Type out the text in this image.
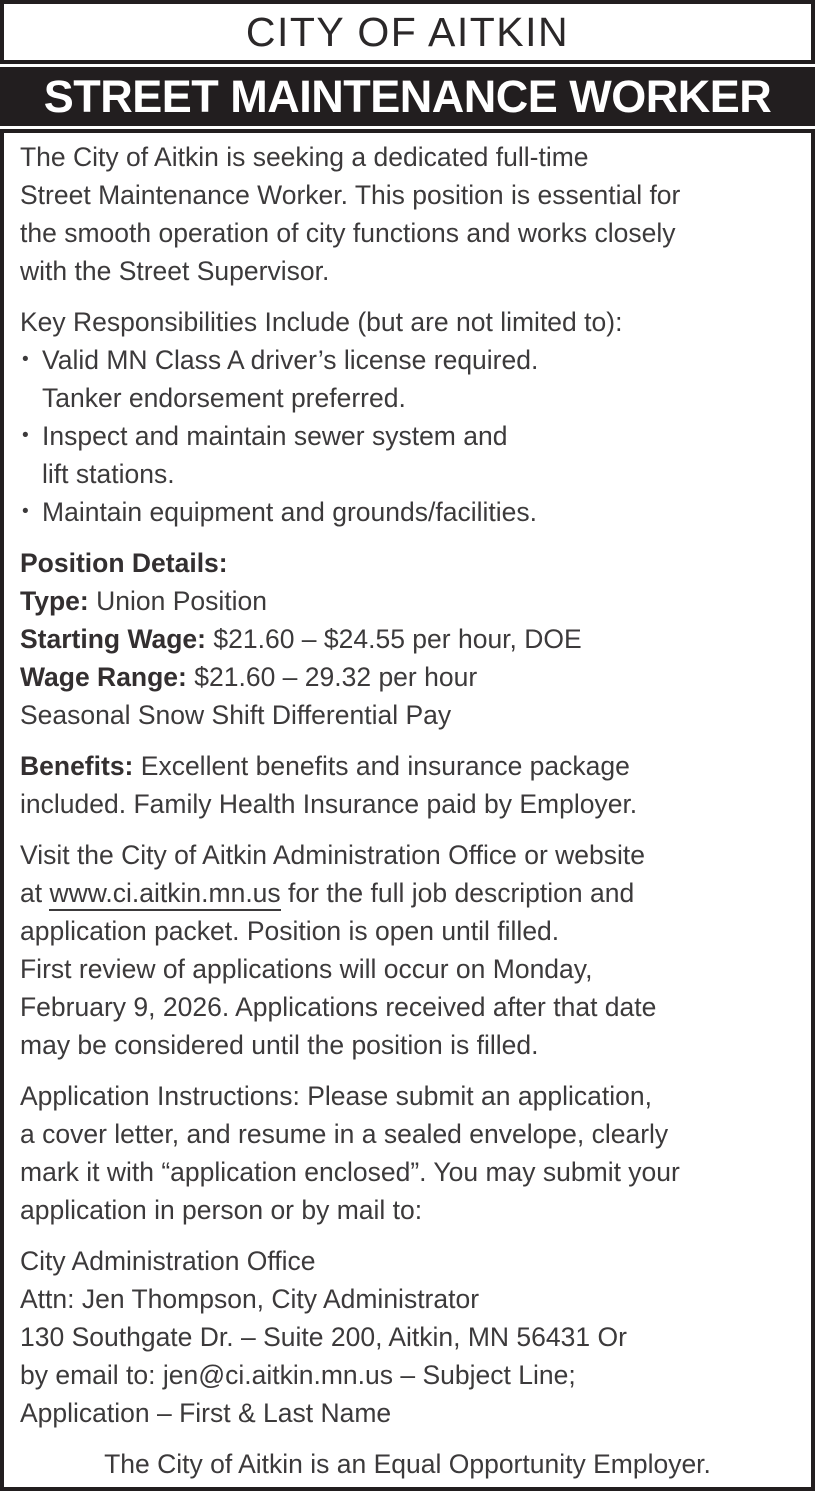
CITY OF AITKIN
STREET MAINTENANCE WORKER

The City of Aitkin is seeking a dedicated full-time
Street Maintenance Worker. This position is essential for
the smooth operation of city functions and works closely
with the Street Supervisor.

Key Responsibilities Include (but are not limited to):

• Valid MN Class A driver’s license required.
Tanker endorsement preferred.
• Inspect and maintain sewer system and
lift stations.
• Maintain equipment and grounds/facilities.

Position Details:
Type: Union Position
Starting Wage: $21.60 – $24.55 per hour, DOE
Wage Range: $21.60 – 29.32 per hour
Seasonal Snow Shift Differential Pay

Benefits: Excellent benefits and insurance package
included. Family Health Insurance paid by Employer.

Visit the City of Aitkin Administration Office or website
at www.ci.aitkin.mn.us for the full job description and
application packet. Position is open until filled.
First review of applications will occur on Monday,
February 9, 2026. Applications received after that date
may be considered until the position is filled.

Application Instructions: Please submit an application,
a cover letter, and resume in a sealed envelope, clearly
mark it with “application enclosed”. You may submit your
application in person or by mail to:

City Administration Office
Attn: Jen Thompson, City Administrator
130 Southgate Dr. – Suite 200, Aitkin, MN 56431 Or
by email to: jen@ci.aitkin.mn.us – Subject Line;
Application – First & Last Name

The City of Aitkin is an Equal Opportunity Employer.
